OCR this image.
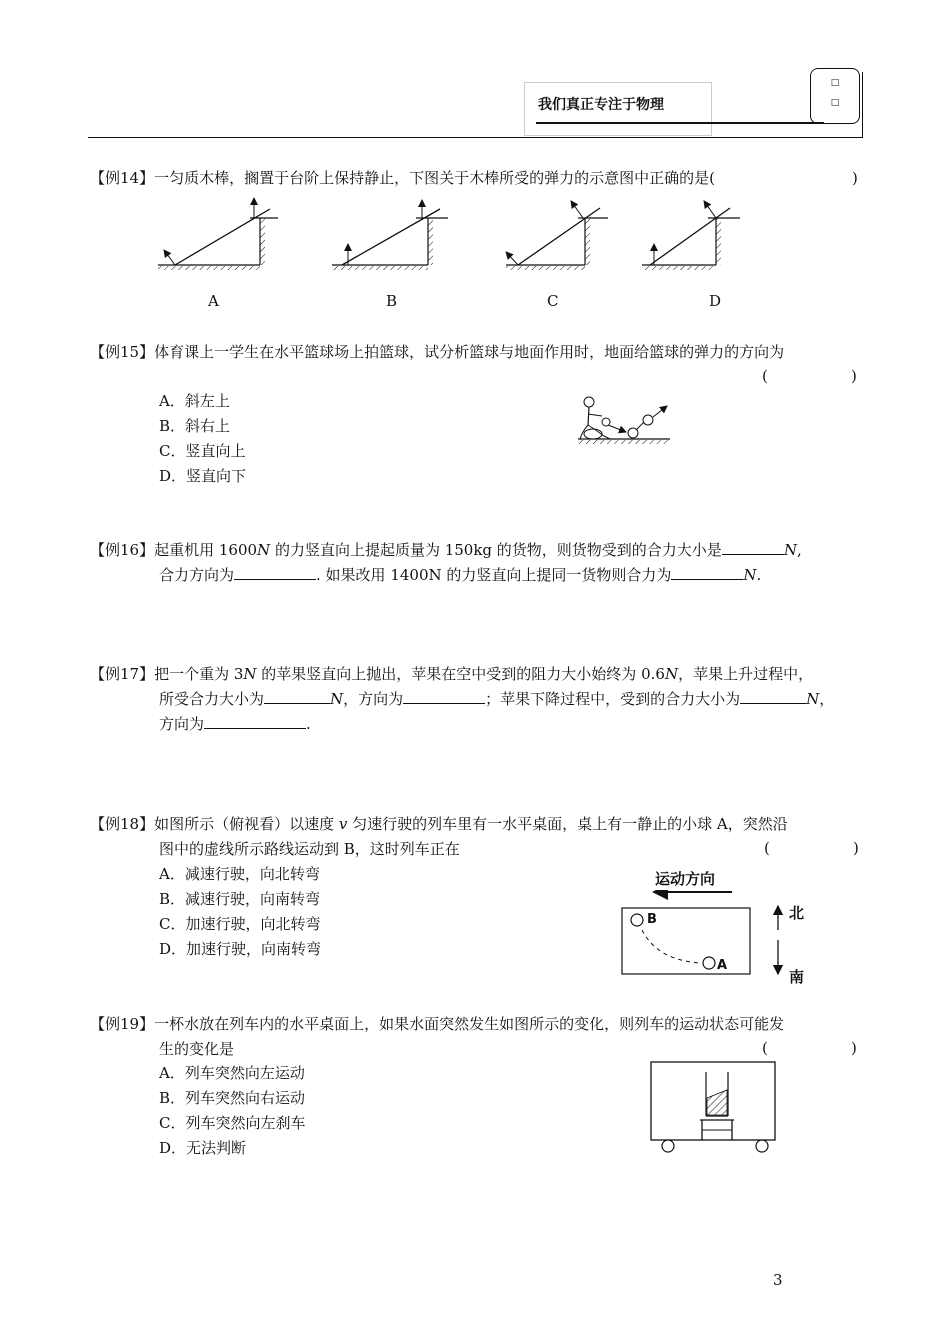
我们真正专注于物理
□
□
【例14】一匀质木棒，搁置于台阶上保持静止，下图关于木棒所受的弹力的示意图中正确的是(	)
A	B	C	D
【例15】体育课上一学生在水平篮球场上拍篮球，试分析篮球与地面作用时，地面给篮球的弹力的方向为
(	)
A．斜左上
B．斜右上
C．竖直向上
D．竖直向下
【例16】起重机用 1600N 的力竖直向上提起质量为 150kg 的货物，则货物受到的合力大小是	N,
合力方向为	. 如果改用 1400N 的力竖直向上提同一货物则合力为	N.
【例17】把一个重为 3N 的苹果竖直向上抛出，苹果在空中受到的阻力大小始终为 0.6N，苹果上升过程中，
所受合力大小为	N，方向为	；苹果下降过程中，受到的合力大小为	N，
方向为	.
【例18】如图所示（俯视看）以速度 v 匀速行驶的列车里有一水平桌面，桌上有一静止的小球 A，突然沿
图中的虚线所示路线运动到 B，这时列车正在	(	)
A．减速行驶，向北转弯
B．减速行驶，向南转弯
C．加速行驶，向北转弯
D．加速行驶，向南转弯
运动方向
B
A
北
南
【例19】一杯水放在列车内的水平桌面上，如果水面突然发生如图所示的变化，则列车的运动状态可能发
生的变化是	(	)
A．列车突然向左运动
B．列车突然向右运动
C．列车突然向左刹车
D．无法判断
3
